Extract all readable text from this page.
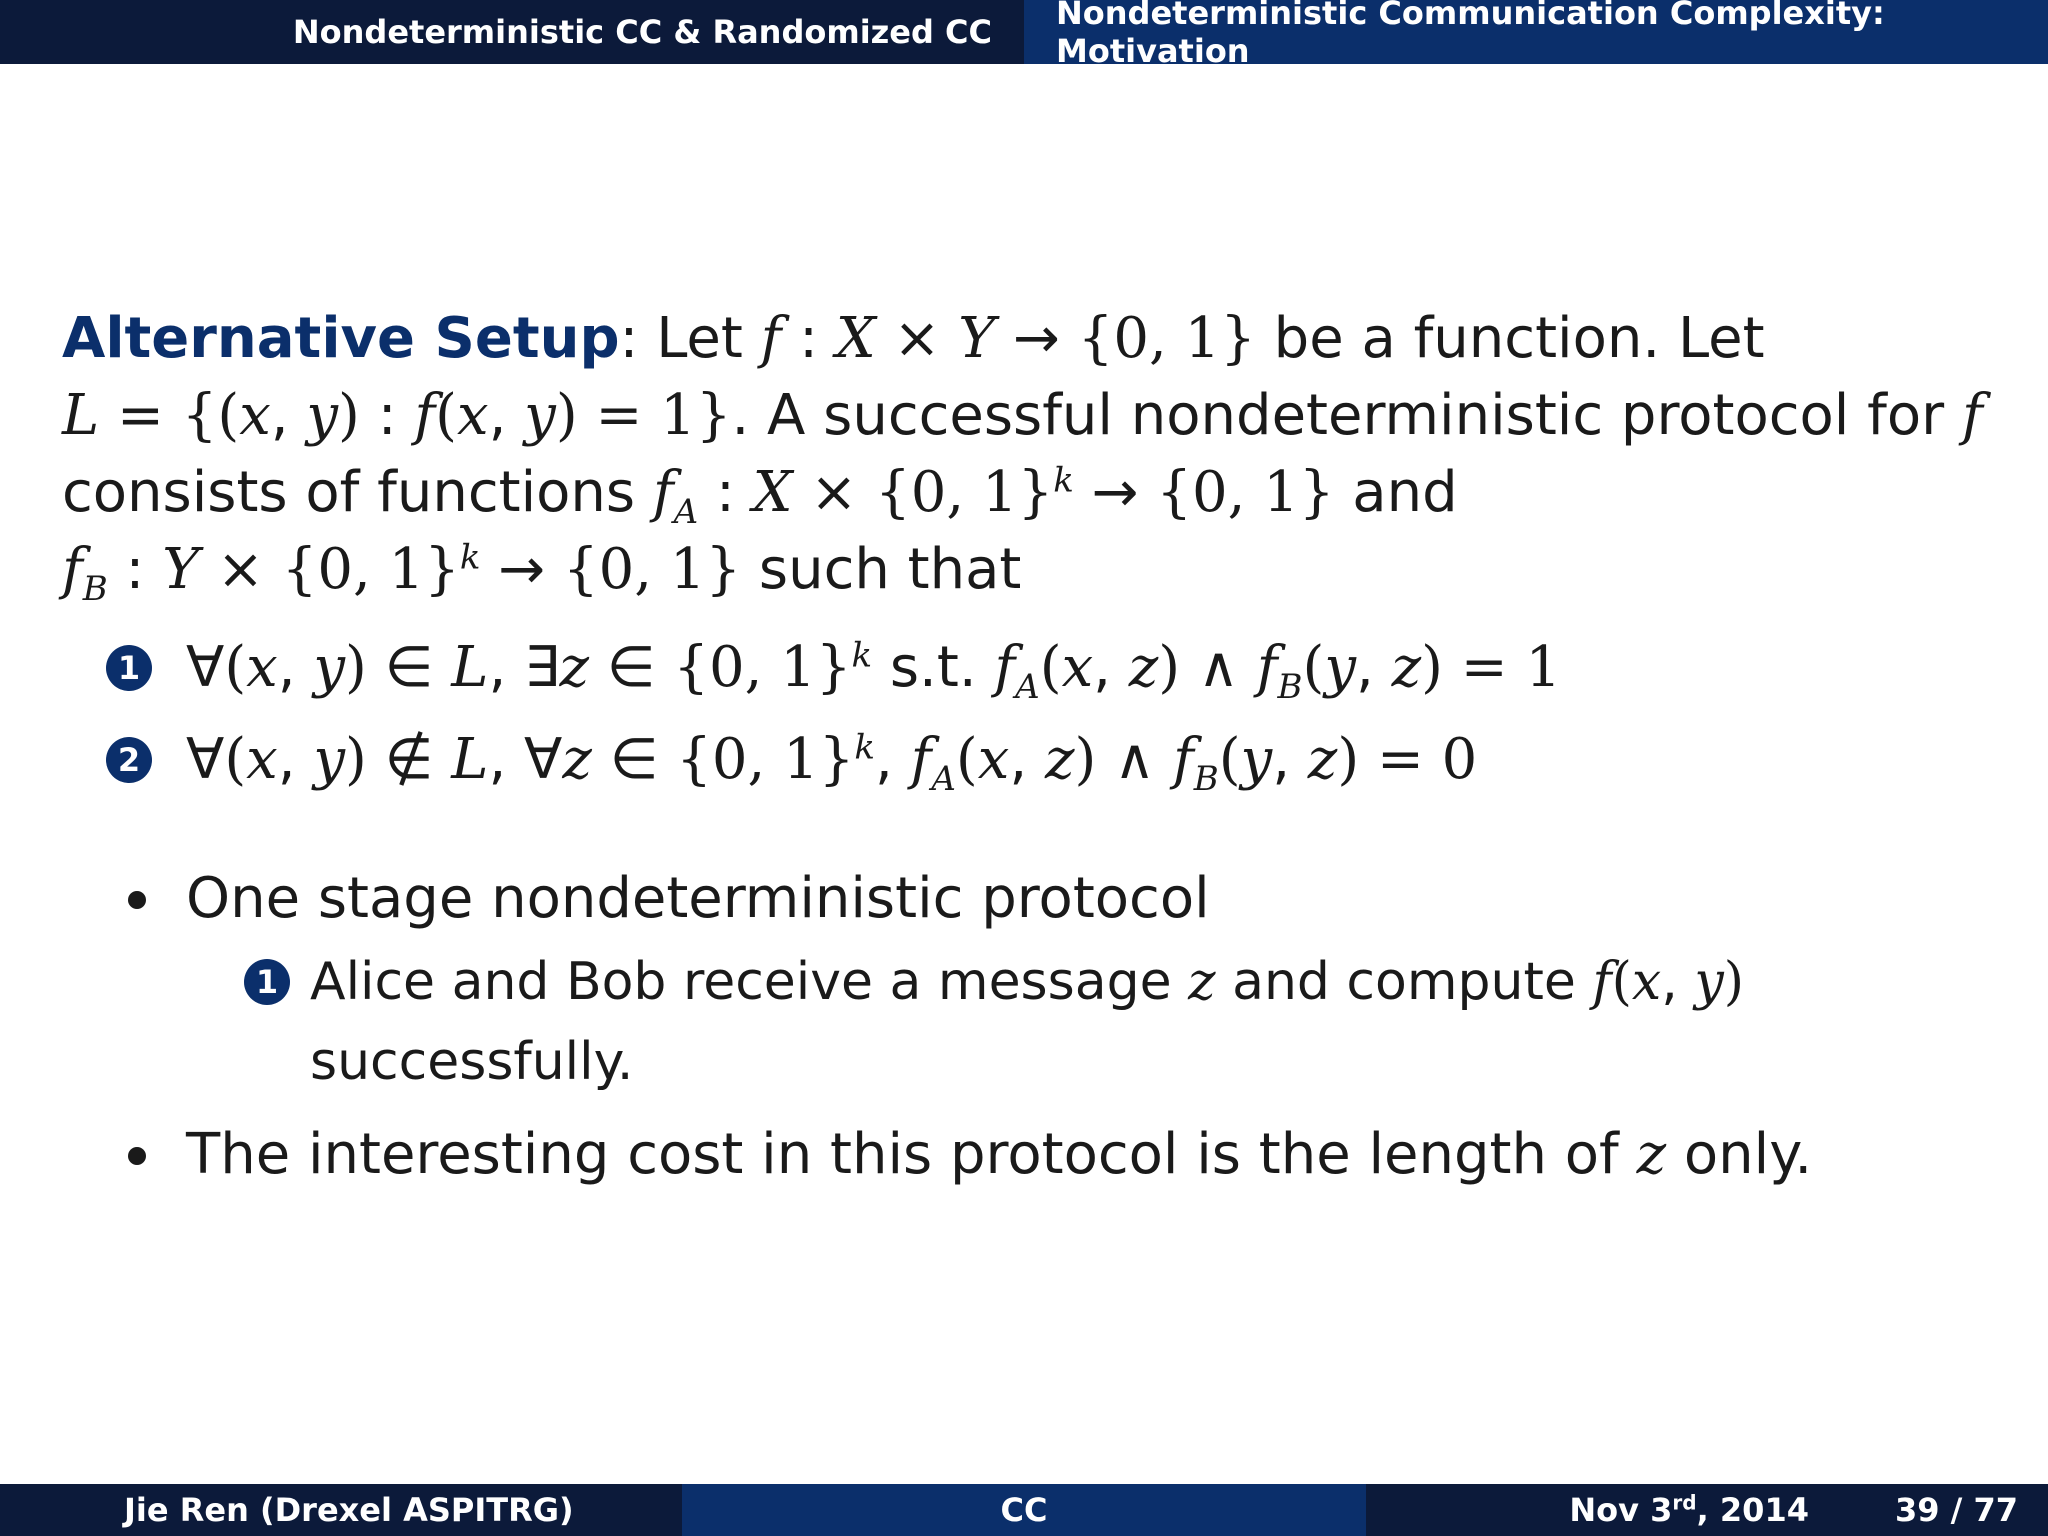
Nondeterministic CC & Randomized CC	Nondeterministic Communication Complexity: Motivation

Alternative Setup: Let f : X × Y → {0, 1} be a function. Let
L = {(x, y) : f(x, y) = 1}. A successful nondeterministic protocol for f
consists of functions $f_A$ : X × {0, 1}$^k$ → {0, 1} and
$f_B$ : Y × {0, 1}$^k$ → {0, 1} such that

1 ∀(x, y) ∈ L, ∃z ∈ {0, 1}$^k$ s.t. $f_A(x$, z) ∧ $f_B(y$, z) = 1
2 ∀(x, y) ∉ L, ∀z ∈ {0, 1}$^k$, $f_A(x$, z) ∧ $f_B(y$, z) = 0
One stage nondeterministic protocol
1 Alice and Bob receive a message z and compute f(x, y) successfully.
The interesting cost in this protocol is the length of z only.
Jie Ren (Drexel ASPITRG)	CC	Nov 3rd, 2014	39 / 77
